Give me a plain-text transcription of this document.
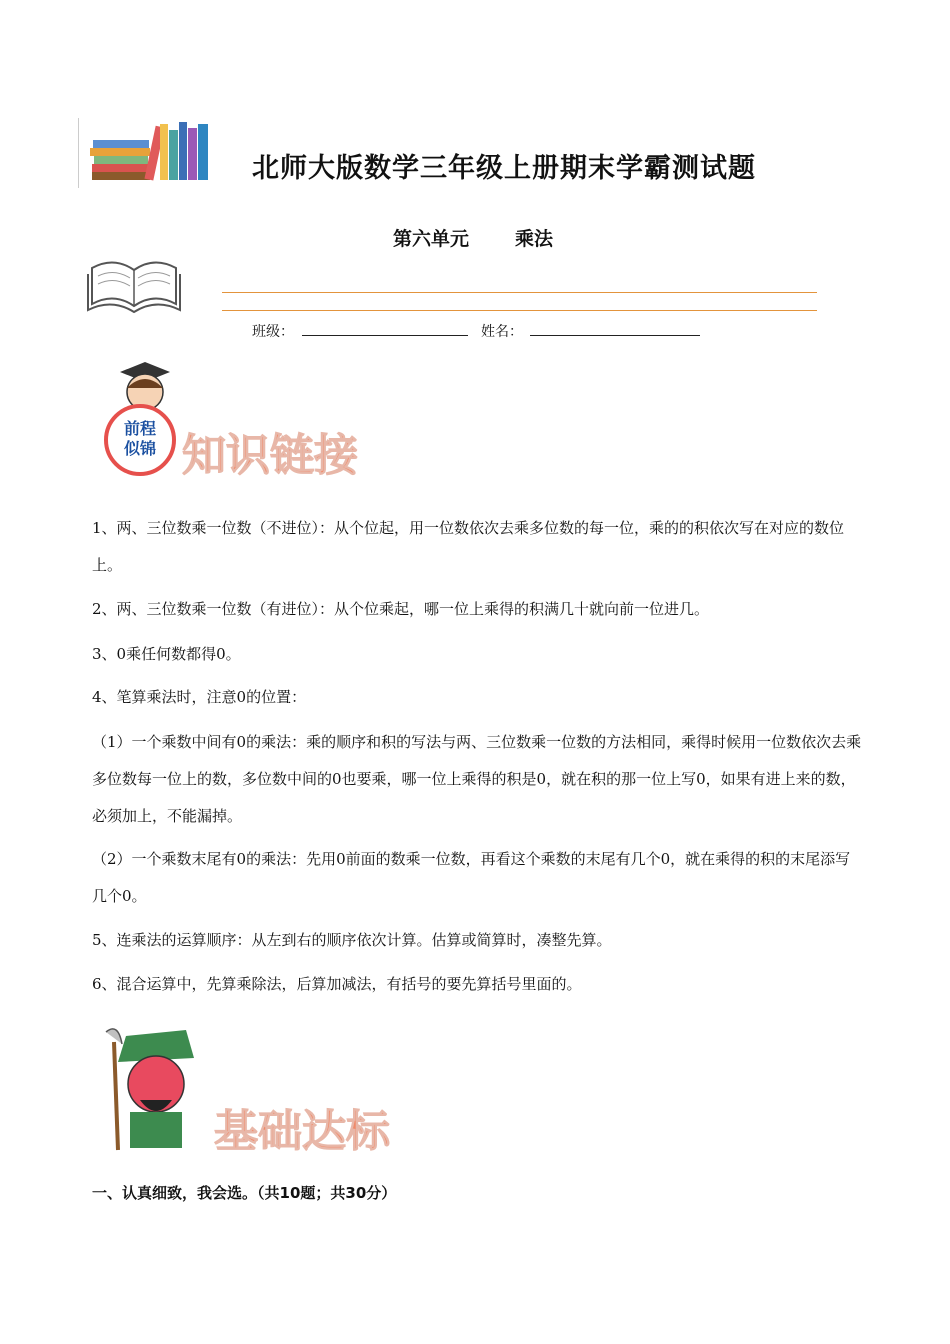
北师大版数学三年级上册期末学霸测试题
第六单元 乘法
班级：	姓名：
前程
似锦 知识链接
1、两、三位数乘一位数（不进位）：从个位起，用一位数依次去乘多位数的每一位，乘的的积依次写在对应的数位上。
2、两、三位数乘一位数（有进位）：从个位乘起，哪一位上乘得的积满几十就向前一位进几。
3、0乘任何数都得0。
4、笔算乘法时，注意0的位置：
（1）一个乘数中间有0的乘法：乘的顺序和积的写法与两、三位数乘一位数的方法相同，乘得时候用一位数依次去乘多位数每一位上的数，多位数中间的0也要乘，哪一位上乘得的积是0，就在积的那一位上写0，如果有进上来的数，必须加上，不能漏掉。
（2）一个乘数末尾有0的乘法：先用0前面的数乘一位数，再看这个乘数的末尾有几个0，就在乘得的积的末尾添写几个0。
5、连乘法的运算顺序：从左到右的顺序依次计算。估算或简算时，凑整先算。
6、混合运算中，先算乘除法，后算加减法，有括号的要先算括号里面的。
基础达标
一、认真细致，我会选。（共10题；共30分）
